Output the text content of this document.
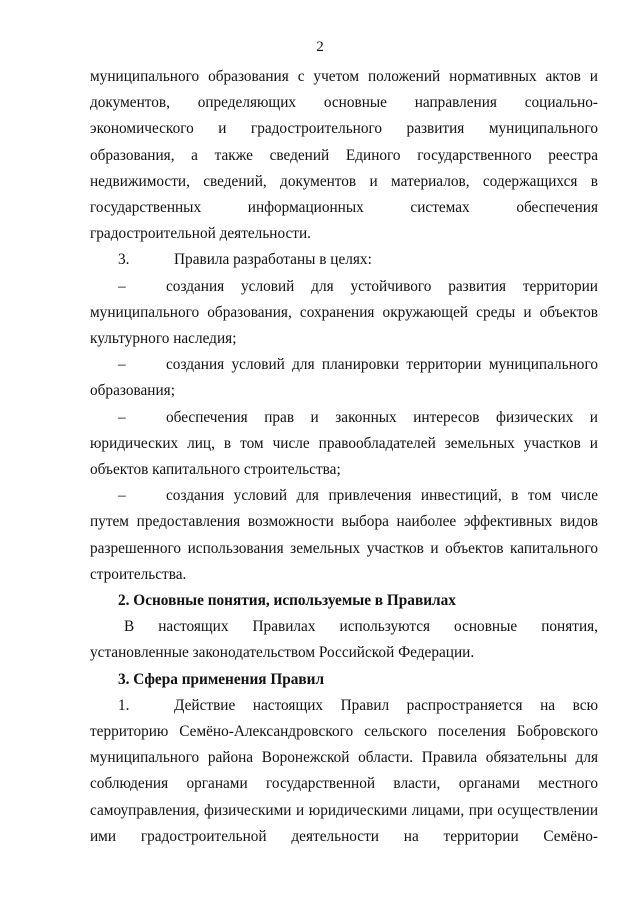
2

муниципального образования с учетом положений нормативных актов и документов, определяющих основные направления социально-экономического и градостроительного развития муниципального образования, а также сведений Единого государственного реестра недвижимости, сведений, документов и материалов, содержащихся в государственных информационных системах обеспечения градостроительной деятельности.

3.	Правила разработаны в целях:

–	создания условий для устойчивого развития территории муниципального образования, сохранения окружающей среды и объектов культурного наследия;

–	создания условий для планировки территории муниципального образования;

–	обеспечения прав и законных интересов физических и юридических лиц, в том числе правообладателей земельных участков и объектов капитального строительства;

–	создания условий для привлечения инвестиций, в том числе путем предоставления возможности выбора наиболее эффективных видов разрешенного использования земельных участков и объектов капитального строительства.

2. Основные понятия, используемые в Правилах

В настоящих Правилах используются основные понятия, установленные законодательством Российской Федерации.

3. Сфера применения Правил

1.	Действие настоящих Правил распространяется на всю территорию Семёно-Александровского сельского поселения Бобровского муниципального района Воронежской области. Правила обязательны для соблюдения органами государственной власти, органами местного самоуправления, физическими и юридическими лицами, при осуществлении ими градостроительной деятельности на территории Семёно-
